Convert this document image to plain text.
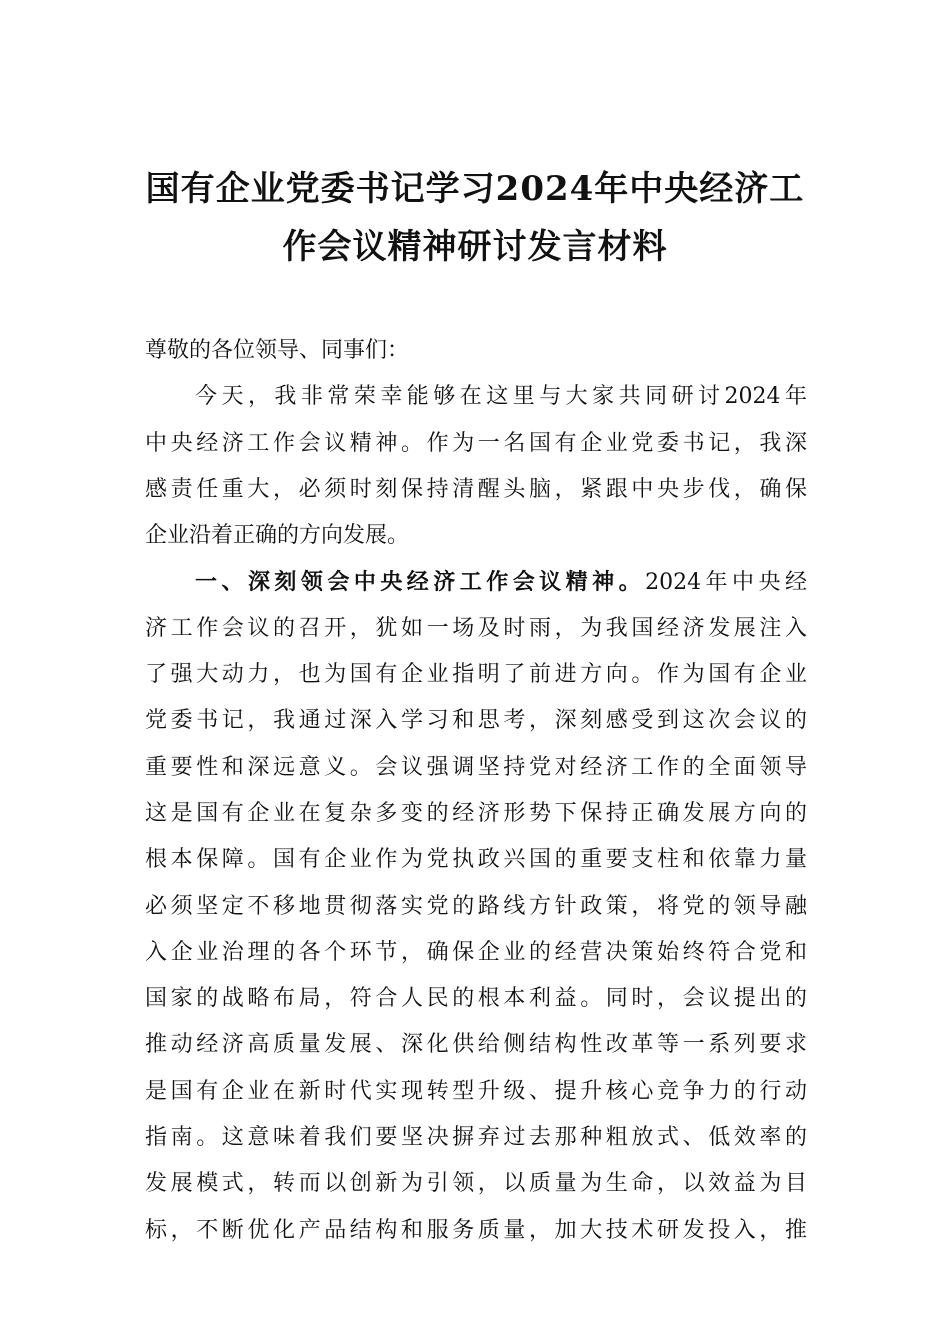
国有企业党委书记学习2024年中央经济工
作会议精神研讨发言材料
尊敬的各位领导、同事们：
今天，我非常荣幸能够在这里与大家共同研讨2024年
中央经济工作会议精神。作为一名国有企业党委书记，我深
感责任重大，必须时刻保持清醒头脑，紧跟中央步伐，确保
企业沿着正确的方向发展。
一、深刻领会中央经济工作会议精神。2024年中央经
济工作会议的召开，犹如一场及时雨，为我国经济发展注入
了强大动力，也为国有企业指明了前进方向。作为国有企业
党委书记，我通过深入学习和思考，深刻感受到这次会议的
重要性和深远意义。会议强调坚持党对经济工作的全面领导
这是国有企业在复杂多变的经济形势下保持正确发展方向的
根本保障。国有企业作为党执政兴国的重要支柱和依靠力量
必须坚定不移地贯彻落实党的路线方针政策，将党的领导融
入企业治理的各个环节，确保企业的经营决策始终符合党和
国家的战略布局，符合人民的根本利益。同时，会议提出的
推动经济高质量发展、深化供给侧结构性改革等一系列要求
是国有企业在新时代实现转型升级、提升核心竞争力的行动
指南。这意味着我们要坚决摒弃过去那种粗放式、低效率的
发展模式，转而以创新为引领，以质量为生命，以效益为目
标，不断优化产品结构和服务质量，加大技术研发投入，推
